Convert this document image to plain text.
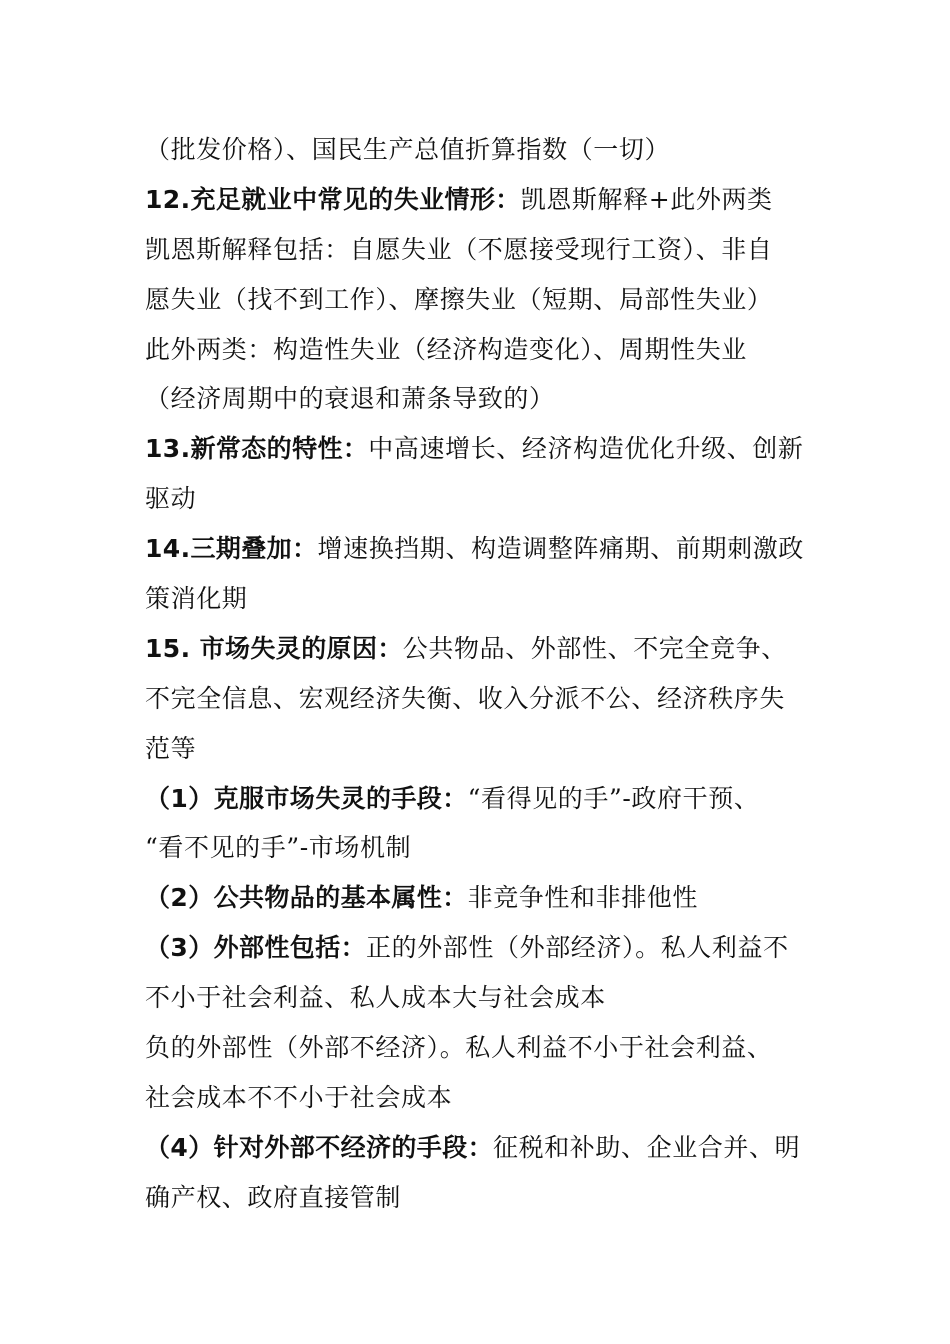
（批发价格）、国民生产总值折算指数（一切）
12.充足就业中常见的失业情形：凯恩斯解释+此外两类
凯恩斯解释包括：自愿失业（不愿接受现行工资）、非自
愿失业（找不到工作）、摩擦失业（短期、局部性失业）
此外两类：构造性失业（经济构造变化）、周期性失业
（经济周期中的衰退和萧条导致的）
13.新常态的特性：中高速增长、经济构造优化升级、创新
驱动
14.三期叠加：增速换挡期、构造调整阵痛期、前期刺激政
策消化期
15. 市场失灵的原因：公共物品、外部性、不完全竞争、
不完全信息、宏观经济失衡、收入分派不公、经济秩序失
范等
（1）克服市场失灵的手段：“看得见的手”-政府干预、
“看不见的手”-市场机制
（2）公共物品的基本属性：非竞争性和非排他性
（3）外部性包括：正的外部性（外部经济）。私人利益不
不小于社会利益、私人成本大与社会成本
负的外部性（外部不经济）。私人利益不小于社会利益、
社会成本不不小于社会成本
（4）针对外部不经济的手段：征税和补助、企业合并、明
确产权、政府直接管制
